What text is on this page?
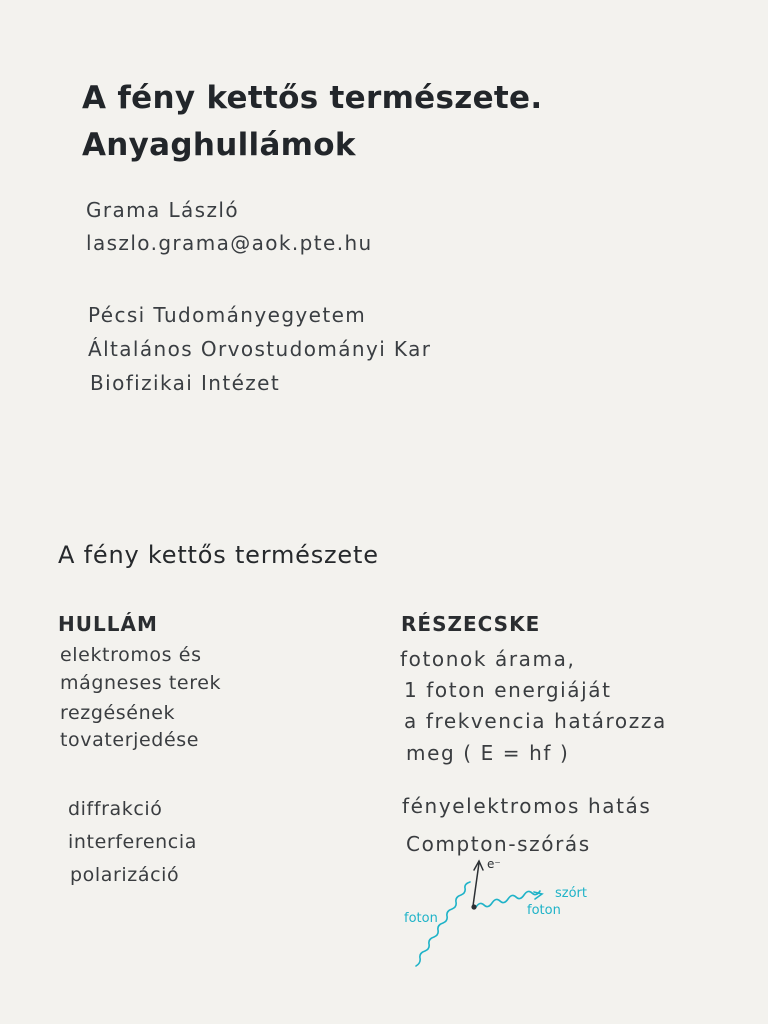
A fény kettős természete.
Anyaghullámok
Grama László
laszlo.grama@aok.pte.hu
Pécsi Tudományegyetem
Általános Orvostudományi Kar
Biofizikai Intézet
A fény kettős természete
HULLÁM
elektromos és
mágneses terek
rezgésének
tovaterjedése
diffrakció
interferencia
polarizáció
RÉSZECSKE
fotonok árama,
1 foton energiáját
a frekvencia határozza
meg ( E = hf )
fényelektromos hatás
Compton-szórás
e⁻
foton
szórt
foton
